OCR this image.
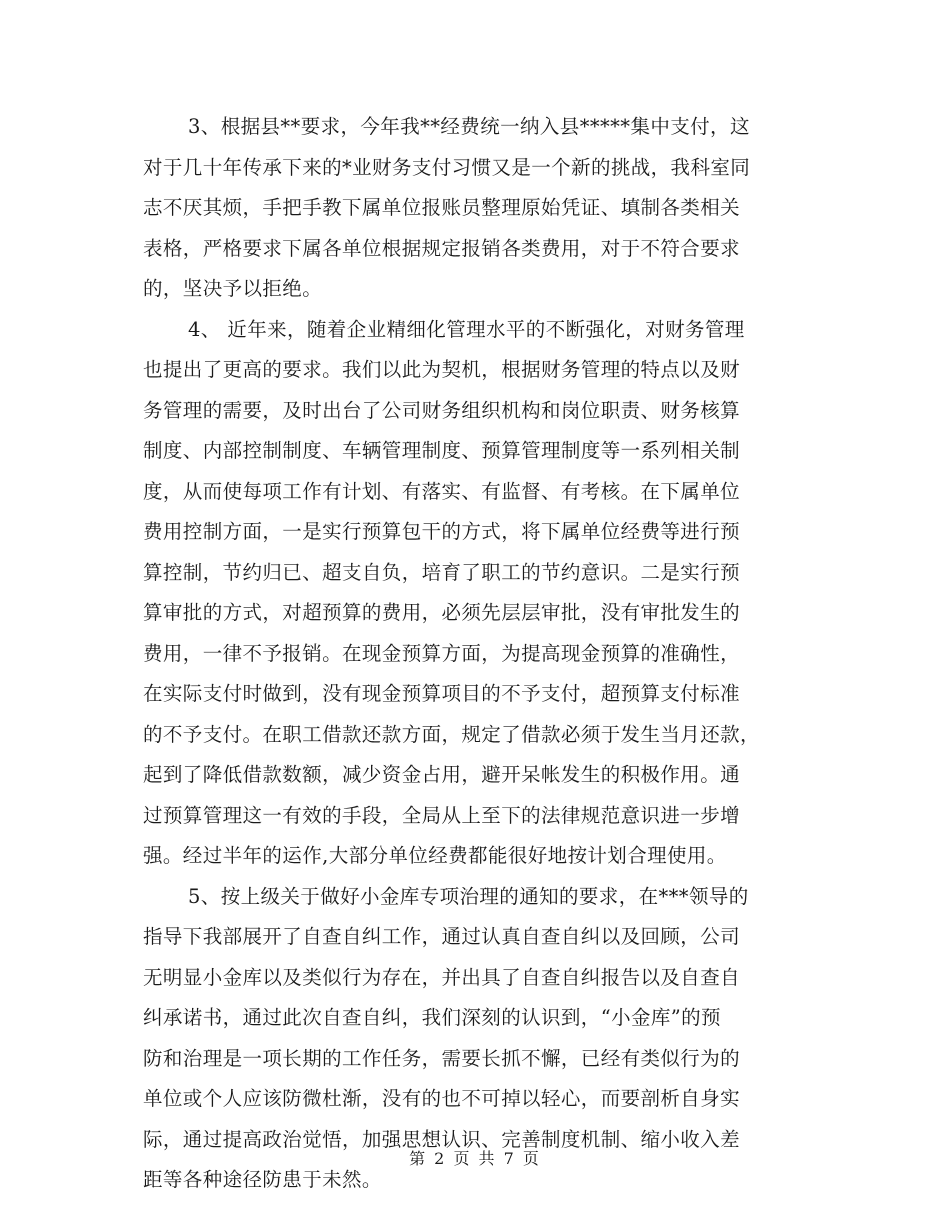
3、根据县**要求，今年我**经费统一纳入县*****集中支付，这
对于几十年传承下来的*业财务支付习惯又是一个新的挑战，我科室同
志不厌其烦，手把手教下属单位报账员整理原始凭证、填制各类相关
表格，严格要求下属各单位根据规定报销各类费用，对于不符合要求
的，坚决予以拒绝。
4、 近年来，随着企业精细化管理水平的不断强化，对财务管理
也提出了更高的要求。我们以此为契机，根据财务管理的特点以及财
务管理的需要，及时出台了公司财务组织机构和岗位职责、财务核算
制度、内部控制制度、车辆管理制度、预算管理制度等一系列相关制
度，从而使每项工作有计划、有落实、有监督、有考核。在下属单位
费用控制方面，一是实行预算包干的方式，将下属单位经费等进行预
算控制，节约归已、超支自负，培育了职工的节约意识。二是实行预
算审批的方式，对超预算的费用，必须先层层审批，没有审批发生的
费用，一律不予报销。在现金预算方面，为提高现金预算的准确性，
在实际支付时做到，没有现金预算项目的不予支付，超预算支付标准
的不予支付。在职工借款还款方面，规定了借款必须于发生当月还款，
起到了降低借款数额，减少资金占用，避开呆帐发生的积极作用。通
过预算管理这一有效的手段，全局从上至下的法律规范意识进一步增
强。经过半年的运作,大部分单位经费都能很好地按计划合理使用。
5、按上级关于做好小金库专项治理的通知的要求，在***领导的
指导下我部展开了自查自纠工作，通过认真自查自纠以及回顾，公司
无明显小金库以及类似行为存在，并出具了自查自纠报告以及自查自
纠承诺书，通过此次自查自纠，我们深刻的认识到，“小金库”的预
防和治理是一项长期的工作任务，需要长抓不懈，已经有类似行为的
单位或个人应该防微杜渐，没有的也不可掉以轻心，而要剖析自身实
际，通过提高政治觉悟，加强思想认识、完善制度机制、缩小收入差
距等各种途径防患于未然。
第 2 页 共 7 页
